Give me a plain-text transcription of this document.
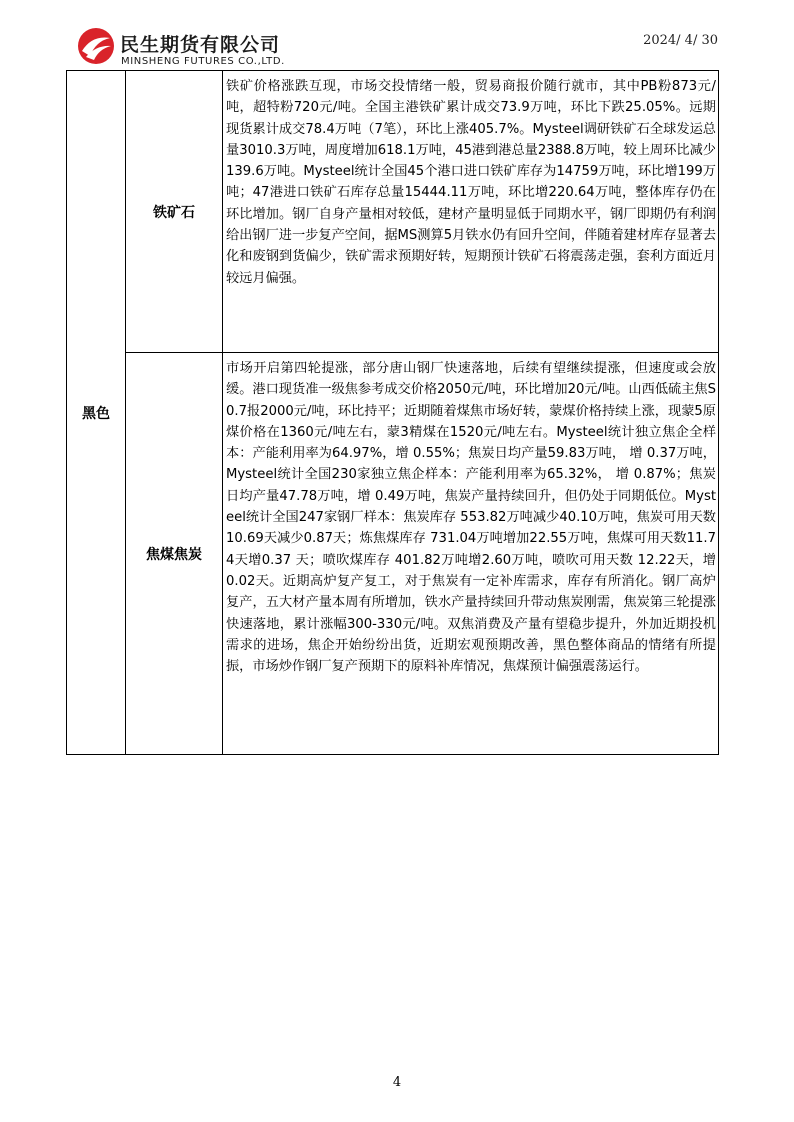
民生期货有限公司
MINSHENG FUTURES CO.,LTD.
2024/ 4/ 30
黑色	铁矿石	铁矿价格涨跌互现，市场交投情绪一般，贸易商报价随行就市，其中PB粉873元/吨，超特粉720元/吨。全国主港铁矿累计成交73.9万吨，环比下跌25.05%。远期现货累计成交78.4万吨（7笔），环比上涨405.7%。Mysteel调研铁矿石全球发运总量3010.3万吨，周度增加618.1万吨，45港到港总量2388.8万吨，较上周环比减少139.6万吨。Mysteel统计全国45个港口进口铁矿库存为14759万吨，环比增199万吨；47港进口铁矿石库存总量15444.11万吨，环比增220.64万吨，整体库存仍在环比增加。钢厂自身产量相对较低，建材产量明显低于同期水平，钢厂即期仍有利润给出钢厂进一步复产空间，据MS测算5月铁水仍有回升空间，伴随着建材库存显著去化和废钢到货偏少，铁矿需求预期好转，短期预计铁矿石将震荡走强，套利方面近月较远月偏强。
	焦煤焦炭	市场开启第四轮提涨，部分唐山钢厂快速落地，后续有望继续提涨，但速度或会放缓。港口现货准一级焦参考成交价格2050元/吨，环比增加20元/吨。山西低硫主焦S0.7报2000元/吨，环比持平；近期随着煤焦市场好转，蒙煤价格持续上涨，现蒙5原煤价格在1360元/吨左右，蒙3精煤在1520元/吨左右。Mysteel统计独立焦企全样本：产能利用率为64.97%，增 0.55%；焦炭日均产量59.83万吨， 增 0.37万吨，Mysteel统计全国230家独立焦企样本：产能利用率为65.32%， 增 0.87%；焦炭日均产量47.78万吨，增 0.49万吨，焦炭产量持续回升，但仍处于同期低位。Mysteel统计全国247家钢厂样本：焦炭库存 553.82万吨减少40.10万吨，焦炭可用天数 10.69天减少0.87天；炼焦煤库存 731.04万吨增加22.55万吨，焦煤可用天数11.74天增0.37 天；喷吹煤库存 401.82万吨增2.60万吨，喷吹可用天数 12.22天，增0.02天。近期高炉复产复工，对于焦炭有一定补库需求，库存有所消化。钢厂高炉复产，五大材产量本周有所增加，铁水产量持续回升带动焦炭刚需，焦炭第三轮提涨快速落地，累计涨幅300-330元/吨。双焦消费及产量有望稳步提升，外加近期投机需求的进场，焦企开始纷纷出货，近期宏观预期改善，黑色整体商品的情绪有所提振，市场炒作钢厂复产预期下的原料补库情况，焦煤预计偏强震荡运行。
4
